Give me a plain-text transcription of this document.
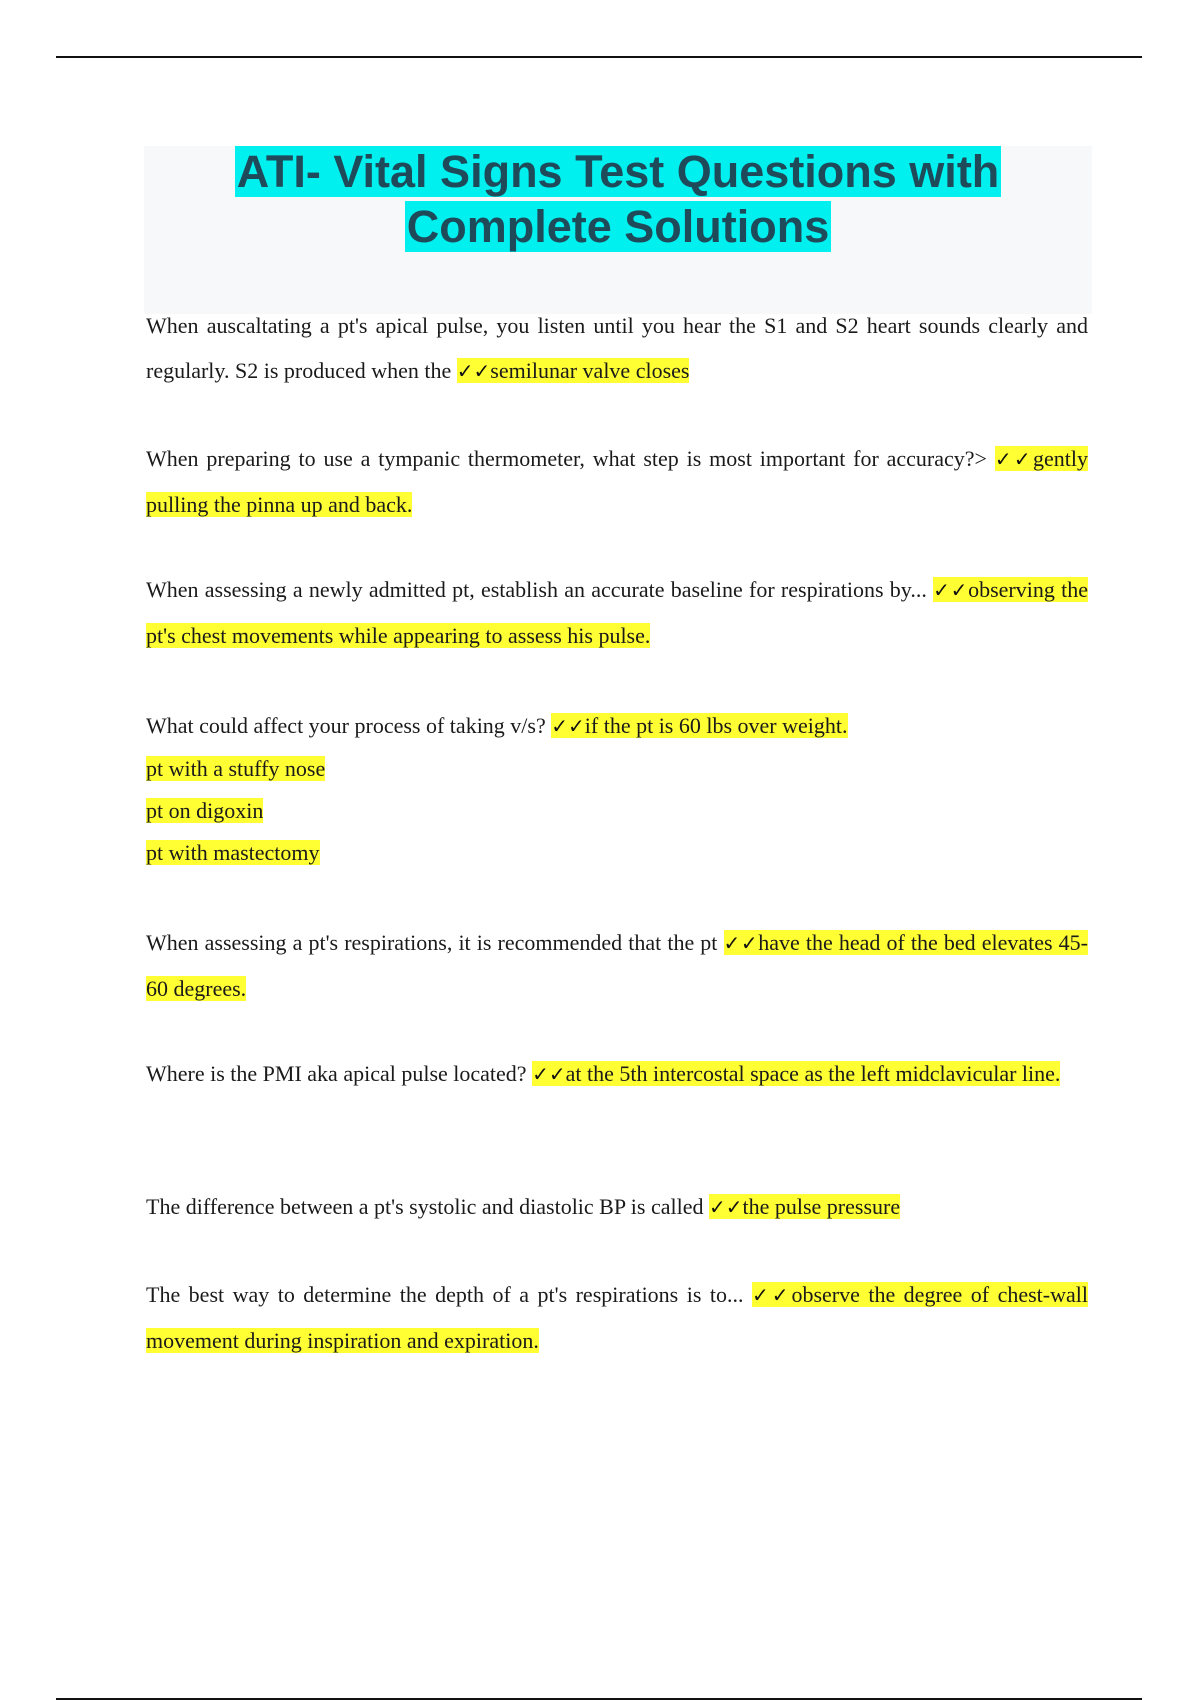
ATI- Vital Signs Test Questions with
Complete Solutions

When auscaltating a pt's apical pulse, you listen until you hear the S1 and S2 heart sounds clearly and regularly. S2 is produced when the ✓✓semilunar valve closes

When preparing to use a tympanic thermometer, what step is most important for accuracy?> ✓✓gently pulling the pinna up and back.

When assessing a newly admitted pt, establish an accurate baseline for respirations by... ✓✓observing the pt's chest movements while appearing to assess his pulse.

What could affect your process of taking v/s? ✓✓if the pt is 60 lbs over weight.

pt with a stuffy nose

pt on digoxin

pt with mastectomy

When assessing a pt's respirations, it is recommended that the pt ✓✓have the head of the bed elevates 45-60 degrees.

Where is the PMI aka apical pulse located? ✓✓at the 5th intercostal space as the left midclavicular line.

The difference between a pt's systolic and diastolic BP is called ✓✓the pulse pressure

The best way to determine the depth of a pt's respirations is to... ✓✓observe the degree of chest-wall movement during inspiration and expiration.
